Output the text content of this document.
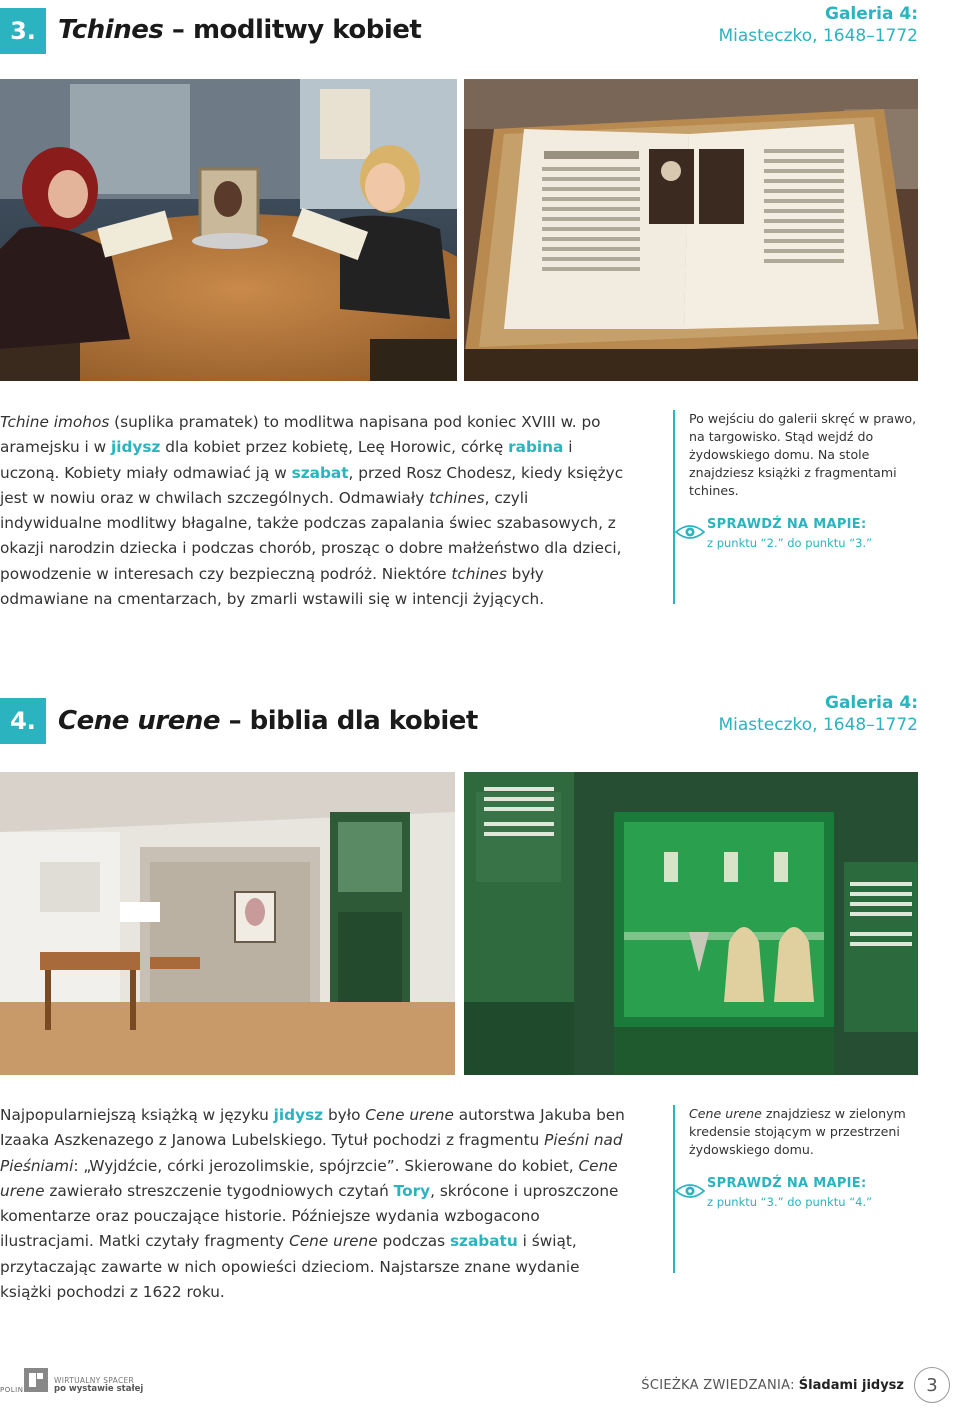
3. Tchines – modlitwy kobiet
Galeria 4:
Miasteczko, 1648–1772
Tchine imohos (suplika pramatek) to modlitwa napisana pod koniec XVIII w. po aramejsku i w jidysz dla kobiet przez kobietę, Leę Horowic, córkę rabina i uczoną. Kobiety miały odmawiać ją w szabat, przed Rosz Chodesz, kiedy księżyc jest w nowiu oraz w chwilach szczególnych. Odmawiały tchines, czyli indywidualne modlitwy błagalne, także podczas zapalania świec szabasowych, z okazji narodzin dziecka i podczas chorób, prosząc o dobre małżeństwo dla dzieci, powodzenie w interesach czy bezpieczną podróż. Niektóre tchines były odmawiane na cmentarzach, by zmarli wstawili się w intencji żyjących.
Po wejściu do galerii skręć w prawo, na targowisko. Stąd wejdź do żydowskiego domu. Na stole znajdziesz książki z fragmentami tchines.
SPRAWDŹ NA MAPIE:
z punktu “2.” do punktu “3.”
4. Cene urene – biblia dla kobiet
Galeria 4:
Miasteczko, 1648–1772
Najpopularniejszą książką w języku jidysz było Cene urene autorstwa Jakuba ben Izaaka Aszkenazego z Janowa Lubelskiego. Tytuł pochodzi z fragmentu Pieśni nad Pieśniami: „Wyjdźcie, córki jerozolimskie, spójrzcie”. Skierowane do kobiet, Cene urene zawierało streszczenie tygodniowych czytań Tory, skrócone i uproszczone komentarze oraz pouczające historie. Późniejsze wydania wzbogacono ilustracjami. Matki czytały fragmenty Cene urene podczas szabatu i świąt, przytaczając zawarte w nich opowieści dzieciom. Najstarsze znane wydanie książki pochodzi z 1622 roku.
Cene urene znajdziesz w zielonym kredensie stojącym w przestrzeni żydowskiego domu.
SPRAWDŹ NA MAPIE:
z punktu “3.” do punktu “4.”
POLIN
WIRTUALNY SPACER
po wystawie stałej	ŚCIEŻKA ZWIEDZANIA: Śladami jidysz	3
